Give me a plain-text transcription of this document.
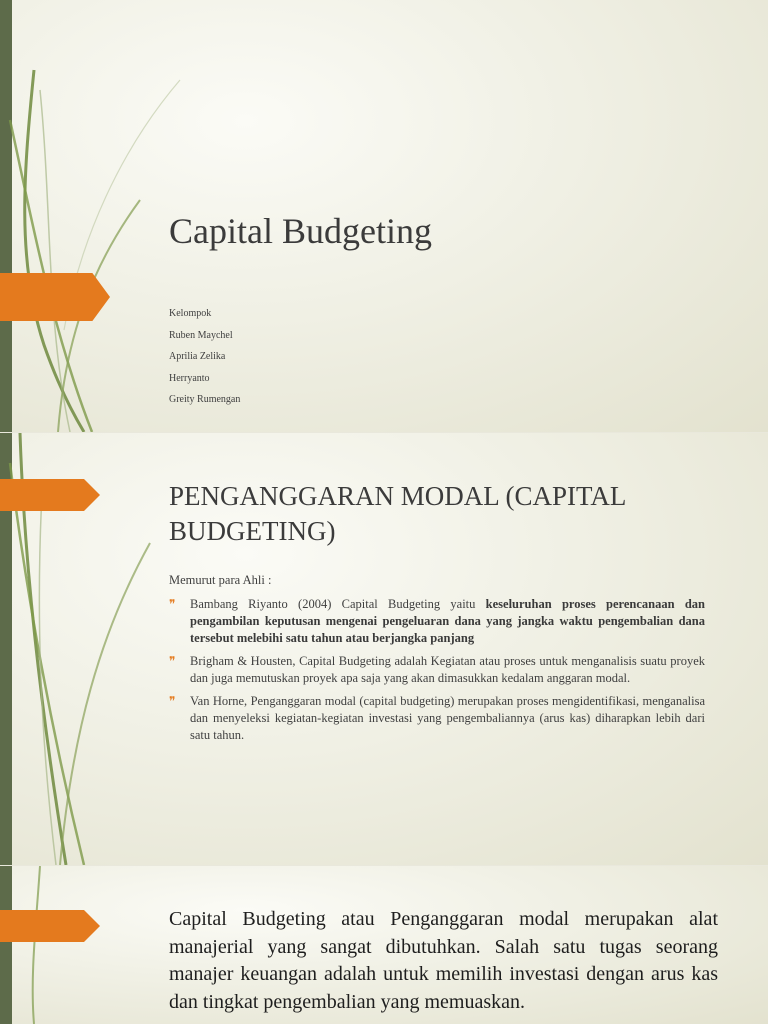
Capital Budgeting
Kelompok
Ruben Maychel
Aprilia Zelika
Herryanto
Greity Rumengan
PENGANGGARAN MODAL (CAPITAL BUDGETING)

Memurut para Ahli :

❞ Bambang Riyanto (2004) Capital Budgeting yaitu keseluruhan proses perencanaan dan pengambilan keputusan mengenai pengeluaran dana yang jangka waktu pengembalian dana tersebut melebihi satu tahun atau berjangka panjang
❞ Brigham & Housten, Capital Budgeting adalah Kegiatan atau proses untuk menganalisis suatu proyek dan juga memutuskan proyek apa saja yang akan dimasukkan kedalam anggaran modal.
❞ Van Horne, Penganggaran modal (capital budgeting) merupakan proses mengidentifikasi, menganalisa dan menyeleksi kegiatan-kegiatan investasi yang pengembaliannya (arus kas) diharapkan lebih dari satu tahun.

Capital Budgeting atau Penganggaran modal merupakan alat manajerial yang sangat dibutuhkan. Salah satu tugas seorang manajer keuangan adalah untuk memilih investasi dengan arus kas dan tingkat pengembalian yang memuaskan.
